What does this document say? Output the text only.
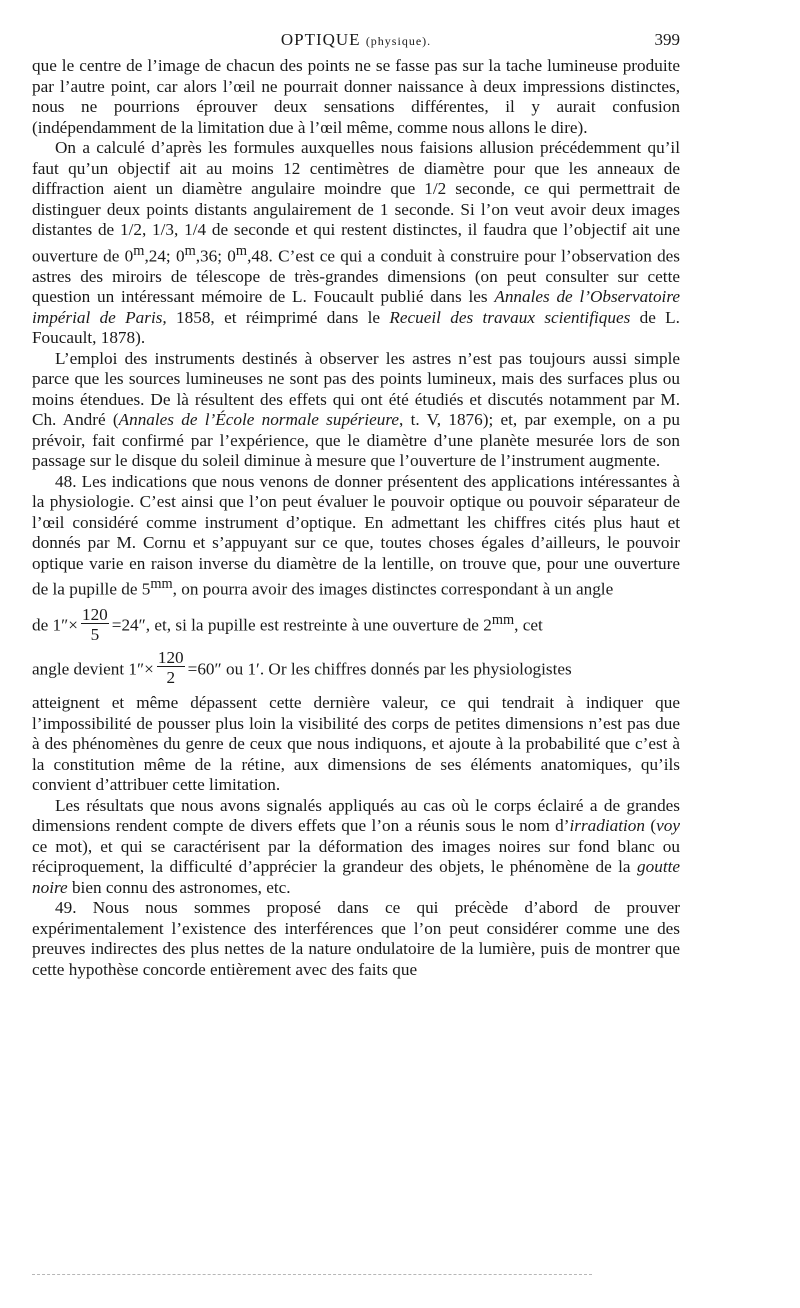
OPTIQUE (physique).	399

que le centre de l’image de chacun des points ne se fasse pas sur la tache lumineuse produite par l’autre point, car alors l’œil ne pourrait donner naissance à deux impressions distinctes, nous ne pourrions éprouver deux sensations différentes, il y aurait confusion (indépendamment de la limitation due à l’œil même, comme nous allons le dire).

On a calculé d’après les formules auxquelles nous faisions allusion précédemment qu’il faut qu’un objectif ait au moins 12 centimètres de diamètre pour que les anneaux de diffraction aient un diamètre angulaire moindre que 1/2 seconde, ce qui permettrait de distinguer deux points distants angulairement de 1 seconde. Si l’on veut avoir deux images distantes de 1/2, 1/3, 1/4 de seconde et qui restent distinctes, il faudra que l’objectif ait une ouverture de 0$^m$,24; 0$^m$,36; 0$^m$,48. C’est ce qui a conduit à construire pour l’observation des astres des miroirs de télescope de très-grandes dimensions (on peut consulter sur cette question un intéressant mémoire de L. Foucault publié dans les Annales de l’Observatoire impérial de Paris, 1858, et réimprimé dans le Recueil des travaux scientifiques de L. Foucault, 1878).

L’emploi des instruments destinés à observer les astres n’est pas toujours aussi simple parce que les sources lumineuses ne sont pas des points lumineux, mais des surfaces plus ou moins étendues. De là résultent des effets qui ont été étudiés et discutés notamment par M. Ch. André (Annales de l’École normale supérieure, t. V, 1876); et, par exemple, on a pu prévoir, fait confirmé par l’expérience, que le diamètre d’une planète mesurée lors de son passage sur le disque du soleil diminue à mesure que l’ouverture de l’instrument augmente.

48. Les indications que nous venons de donner présentent des applications intéressantes à la physiologie. C’est ainsi que l’on peut évaluer le pouvoir optique ou pouvoir séparateur de l’œil considéré comme instrument d’optique. En admettant les chiffres cités plus haut et donnés par M. Cornu et s’appuyant sur ce que, toutes choses égales d’ailleurs, le pouvoir optique varie en raison inverse du diamètre de la lentille, on trouve que, pour une ouverture de la pupille de $5^{mm}$, on pourra avoir des images distinctes correspondant à un angle

de $1''\times \frac{120}{5} =24''$, et, si la pupille est restreinte à une ouverture de $2^{mm}$, cet

angle devient $1''\times \frac{120}{2} =60''$ ou 1′. Or les chiffres donnés par les physiologistes

atteignent et même dépassent cette dernière valeur, ce qui tendrait à indiquer que l’impossibilité de pousser plus loin la visibilité des corps de petites dimensions n’est pas due à des phénomènes du genre de ceux que nous indiquons, et ajoute à la probabilité que c’est à la constitution même de la rétine, aux dimensions de ses éléments anatomiques, qu’ils convient d’attribuer cette limitation.

Les résultats que nous avons signalés appliqués au cas où le corps éclairé a de grandes dimensions rendent compte de divers effets que l’on a réunis sous le nom d’irradiation (voy ce mot), et qui se caractérisent par la déformation des images noires sur fond blanc ou réciproquement, la difficulté d’apprécier la grandeur des objets, le phénomène de la goutte noire bien connu des astronomes, etc.

49. Nous nous sommes proposé dans ce qui précède d’abord de prouver expérimentalement l’existence des interférences que l’on peut considérer comme une des preuves indirectes des plus nettes de la nature ondulatoire de la lumière, puis de montrer que cette hypothèse concorde entièrement avec des faits que
